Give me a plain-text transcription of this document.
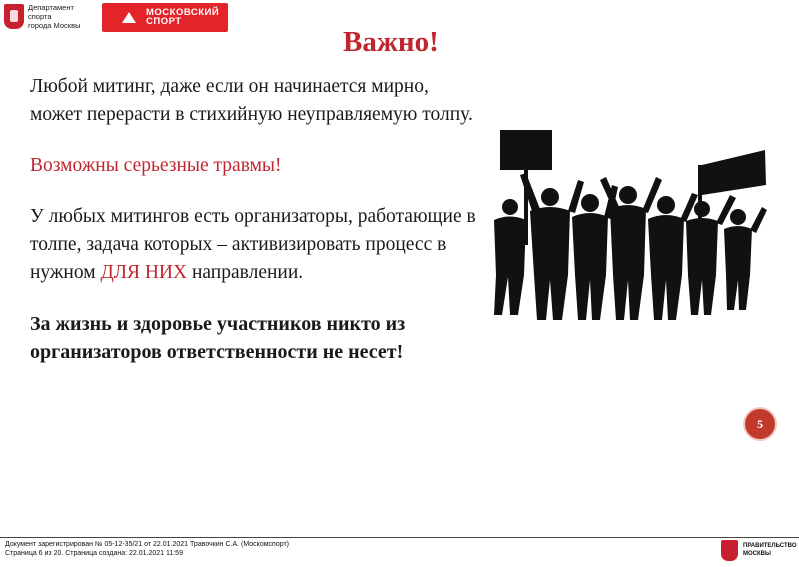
Департамент
спорта
города Москвы
МОСКОВСКИЙ
СПОРТ
Важно!

Любой митинг, даже если он начинается мирно, может перерасти в стихийную неуправляемую толпу.

Возможны серьезные травмы!

У любых митингов есть организаторы, работающие в толпе, задача которых – активизировать процесс в нужном ДЛЯ НИХ направлении.

За жизнь и здоровье участников никто из организаторов ответственности не несет!

5
Документ зарегистрирован № 05-12-35/21 от 22.01.2021 Травочкин С.А. (Москомспорт)
Страница 6 из 20. Страница создана: 22.01.2021 11:59
ПРАВИТЕЛЬСТВО
МОСКВЫ
